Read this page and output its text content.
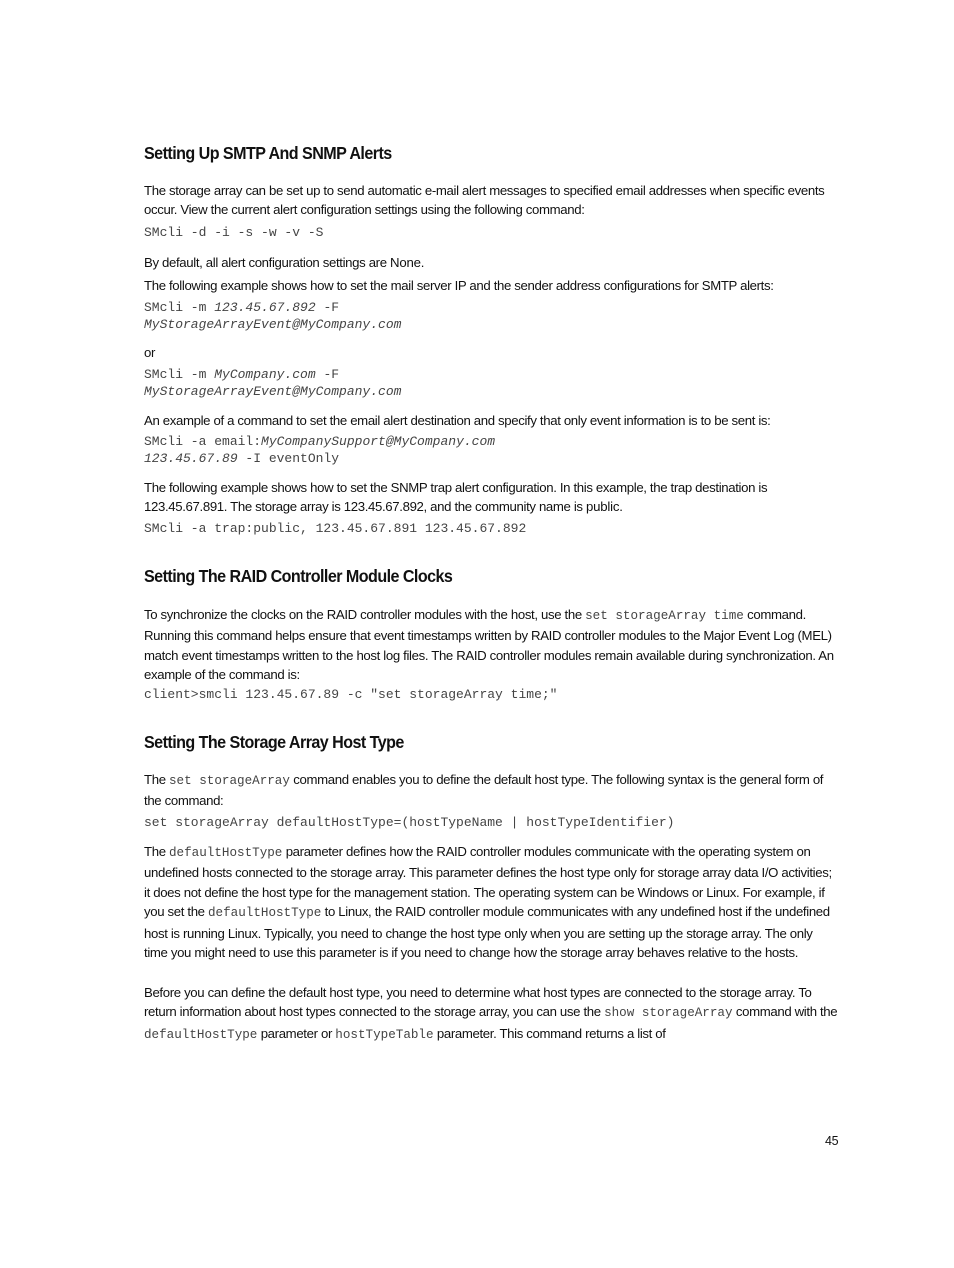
Setting Up SMTP And SNMP Alerts

The storage array can be set up to send automatic e-mail alert messages to specified email addresses when specific events occur. View the current alert configuration settings using the following command:

SMcli -d -i -s -w -v -S

By default, all alert configuration settings are None.

The following example shows how to set the mail server IP and the sender address configurations for SMTP alerts:

SMcli -m 123.45.67.892 -F
MyStorageArrayEvent@MyCompany.com

or

SMcli -m MyCompany.com -F
MyStorageArrayEvent@MyCompany.com

An example of a command to set the email alert destination and specify that only event information is to be sent is:

SMcli -a email:MyCompanySupport@MyCompany.com
123.45.67.89 -I eventOnly

The following example shows how to set the SNMP trap alert configuration. In this example, the trap destination is 123.45.67.891. The storage array is 123.45.67.892, and the community name is public.

SMcli -a trap:public, 123.45.67.891 123.45.67.892
Setting The RAID Controller Module Clocks

To synchronize the clocks on the RAID controller modules with the host, use the set storageArray time command. Running this command helps ensure that event timestamps written by RAID controller modules to the Major Event Log (MEL) match event timestamps written to the host log files. The RAID controller modules remain available during synchronization. An example of the command is:

client>smcli 123.45.67.89 -c "set storageArray time;"
Setting The Storage Array Host Type

The set storageArray command enables you to define the default host type. The following syntax is the general form of the command:

set storageArray defaultHostType=(hostTypeName | hostTypeIdentifier)

The defaultHostType parameter defines how the RAID controller modules communicate with the operating system on undefined hosts connected to the storage array. This parameter defines the host type only for storage array data I/O activities; it does not define the host type for the management station. The operating system can be Windows or Linux. For example, if you set the defaultHostType to Linux, the RAID controller module communicates with any undefined host if the undefined host is running Linux. Typically, you need to change the host type only when you are setting up the storage array. The only time you might need to use this parameter is if you need to change how the storage array behaves relative to the hosts.

Before you can define the default host type, you need to determine what host types are connected to the storage array. To return information about host types connected to the storage array, you can use the show storageArray command with the defaultHostType parameter or hostTypeTable parameter. This command returns a list of

45
